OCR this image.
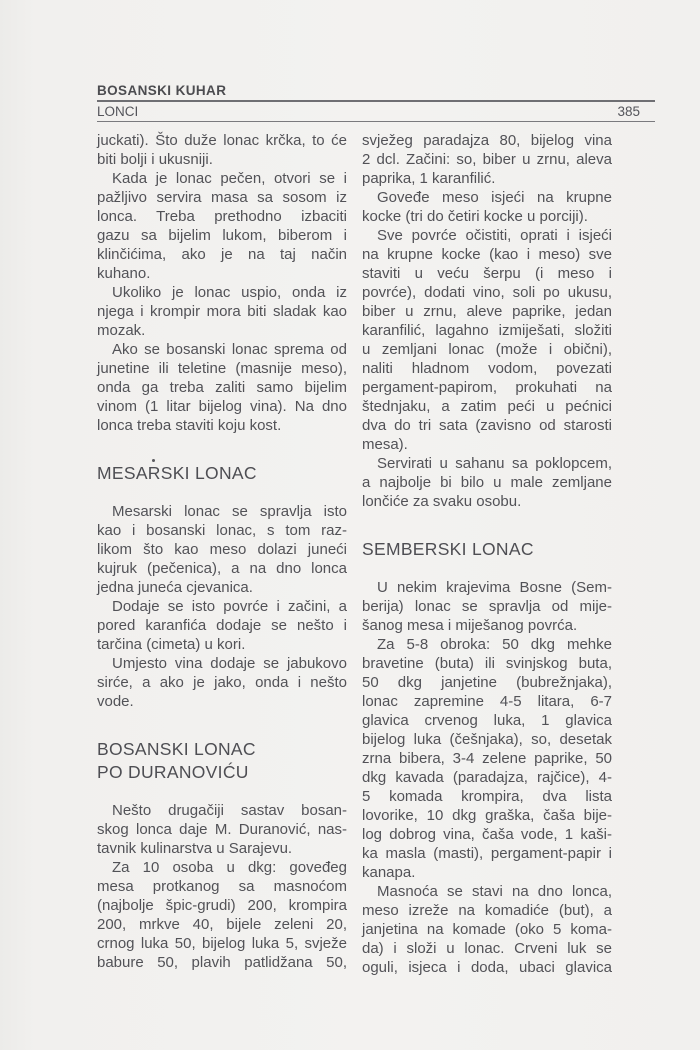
BOSANSKI KUHAR
LONCI	385
juckati). Što duže lonac krčka, to će
biti bolji i ukusniji.
Kada je lonac pečen, otvori se i
pažljivo servira masa sa sosom iz
lonca. Treba prethodno izbaciti
gazu sa bijelim lukom, biberom i
klinčićima, ako je na taj način
kuhano.
Ukoliko je lonac uspio, onda iz
njega i krompir mora biti sladak kao
mozak.
Ako se bosanski lonac sprema od
junetine ili teletine (masnije meso),
onda ga treba zaliti samo bijelim
vinom (1 litar bijelog vina). Na dno
lonca treba staviti koju kost.
MESARSKI LONAC
Mesarski lonac se spravlja isto
kao i bosanski lonac, s tom raz-
likom što kao meso dolazi juneći
kujruk (pečenica), a na dno lonca
jedna juneća cjevanica.
Dodaje se isto povrće i začini, a
pored karanfića dodaje se nešto i
tarčina (cimeta) u kori.
Umjesto vina dodaje se jabukovo
sirće, a ako je jako, onda i nešto
vode.
BOSANSKI LONAC
PO DURANOVIĆU
Nešto drugačiji sastav bosan-
skog lonca daje M. Duranović, nas-
tavnik kulinarstva u Sarajevu.
Za 10 osoba u dkg: goveđeg
mesa protkanog sa masnoćom
(najbolje špic-grudi) 200, krompira
200, mrkve 40, bijele zeleni 20,
crnog luka 50, bijelog luka 5, svježe
babure 50, plavih patlidžana 50,
svježeg paradajza 80, bijelog vina
2 dcl. Začini: so, biber u zrnu, aleva
paprika, 1 karanfilić.
Goveđe meso isjeći na krupne
kocke (tri do četiri kocke u porciji).
Sve povrće očistiti, oprati i isjeći
na krupne kocke (kao i meso) sve
staviti u veću šerpu (i meso i
povrće), dodati vino, soli po ukusu,
biber u zrnu, aleve paprike, jedan
karanfilić, lagahno izmiješati, složiti
u zemljani lonac (može i obični),
naliti hladnom vodom, povezati
pergament-papirom, prokuhati na
štednjaku, a zatim peći u pećnici
dva do tri sata (zavisno od starosti
mesa).
Servirati u sahanu sa poklopcem,
a najbolje bi bilo u male zemljane
lončiće za svaku osobu.
SEMBERSKI LONAC
U nekim krajevima Bosne (Sem-
berija) lonac se spravlja od mije-
šanog mesa i miješanog povrća.
Za 5-8 obroka: 50 dkg mehke
bravetine (buta) ili svinjskog buta,
50 dkg janjetine (bubrežnjaka),
lonac zapremine 4-5 litara, 6-7
glavica crvenog luka, 1 glavica
bijelog luka (češnjaka), so, desetak
zrna bibera, 3-4 zelene paprike, 50
dkg kavada (paradajza, rajčice), 4-
5 komada krompira, dva lista
lovorike, 10 dkg graška, čaša bije-
log dobrog vina, čaša vode, 1 kaši-
ka masla (masti), pergament-papir i
kanapa.
Masnoća se stavi na dno lonca,
meso izreže na komadiće (but), a
janjetina na komade (oko 5 koma-
da) i složi u lonac. Crveni luk se
oguli, isjeca i doda, ubaci glavica
